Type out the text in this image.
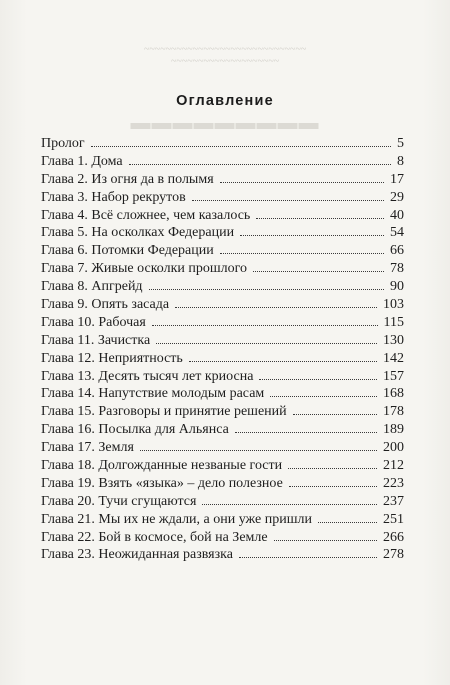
~~~~~~~~~~~~~~~~~~~~~~~~~~~~~~
~~~~~~~~~~~~~~~~~~~~
▬▬▬▬▬▬▬▬▬
Оглавление
Пролог	5
Глава 1. Дома	8
Глава 2. Из огня да в полымя	17
Глава 3. Набор рекрутов	29
Глава 4. Всё сложнее, чем казалось	40
Глава 5. На осколках Федерации	54
Глава 6. Потомки Федерации	66
Глава 7. Живые осколки прошлого	78
Глава 8. Апгрейд	90
Глава 9. Опять засада	103
Глава 10. Рабочая	115
Глава 11. Зачистка	130
Глава 12. Неприятность	142
Глава 13. Десять тысяч лет криосна	157
Глава 14. Напутствие молодым расам	168
Глава 15. Разговоры и принятие решений	178
Глава 16. Посылка для Альянса	189
Глава 17. Земля	200
Глава 18. Долгожданные незваные гости	212
Глава 19. Взять «языка» – дело полезное	223
Глава 20. Тучи сгущаются	237
Глава 21. Мы их не ждали, а они уже пришли	251
Глава 22. Бой в космосе, бой на Земле	266
Глава 23. Неожиданная развязка	278
